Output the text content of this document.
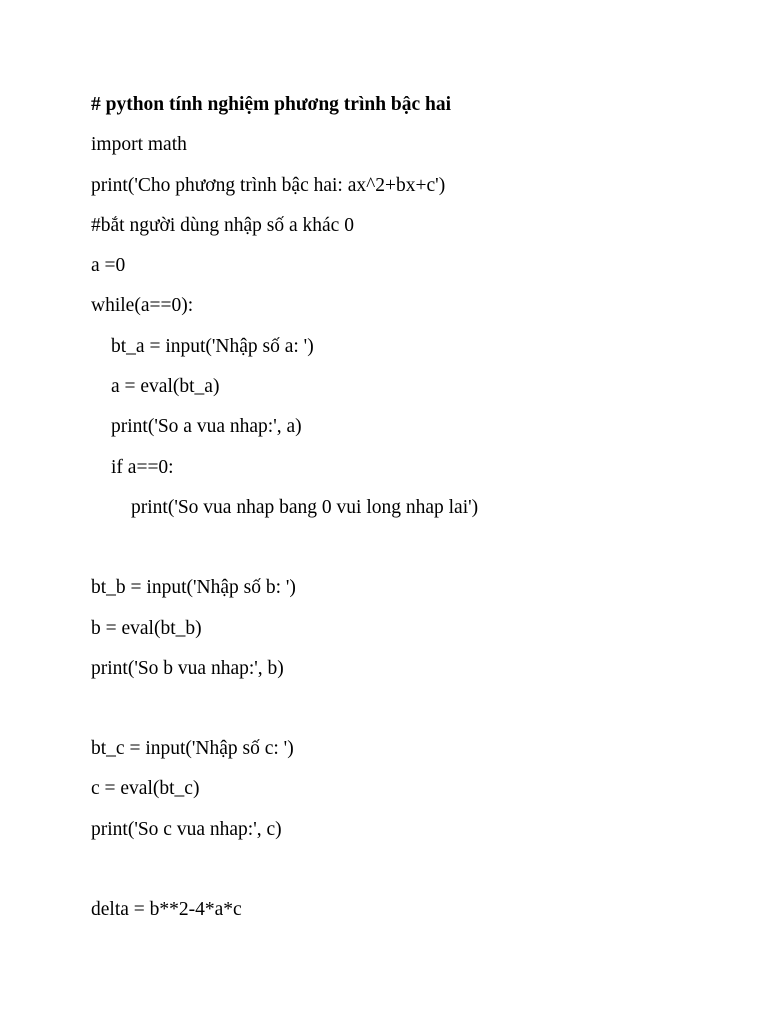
# python tính nghiệm phương trình bậc hai
import math
print('Cho phương trình bậc hai: ax^2+bx+c')
#bắt người dùng nhập số a khác 0
a =0
while(a==0):
bt_a = input('Nhập số a: ')
a = eval(bt_a)
print('So a vua nhap:', a)
if a==0:
print('So vua nhap bang 0 vui long nhap lai')
bt_b = input('Nhập số b: ')
b = eval(bt_b)
print('So b vua nhap:', b)
bt_c = input('Nhập số c: ')
c = eval(bt_c)
print('So c vua nhap:', c)
delta = b**2-4*a*c
